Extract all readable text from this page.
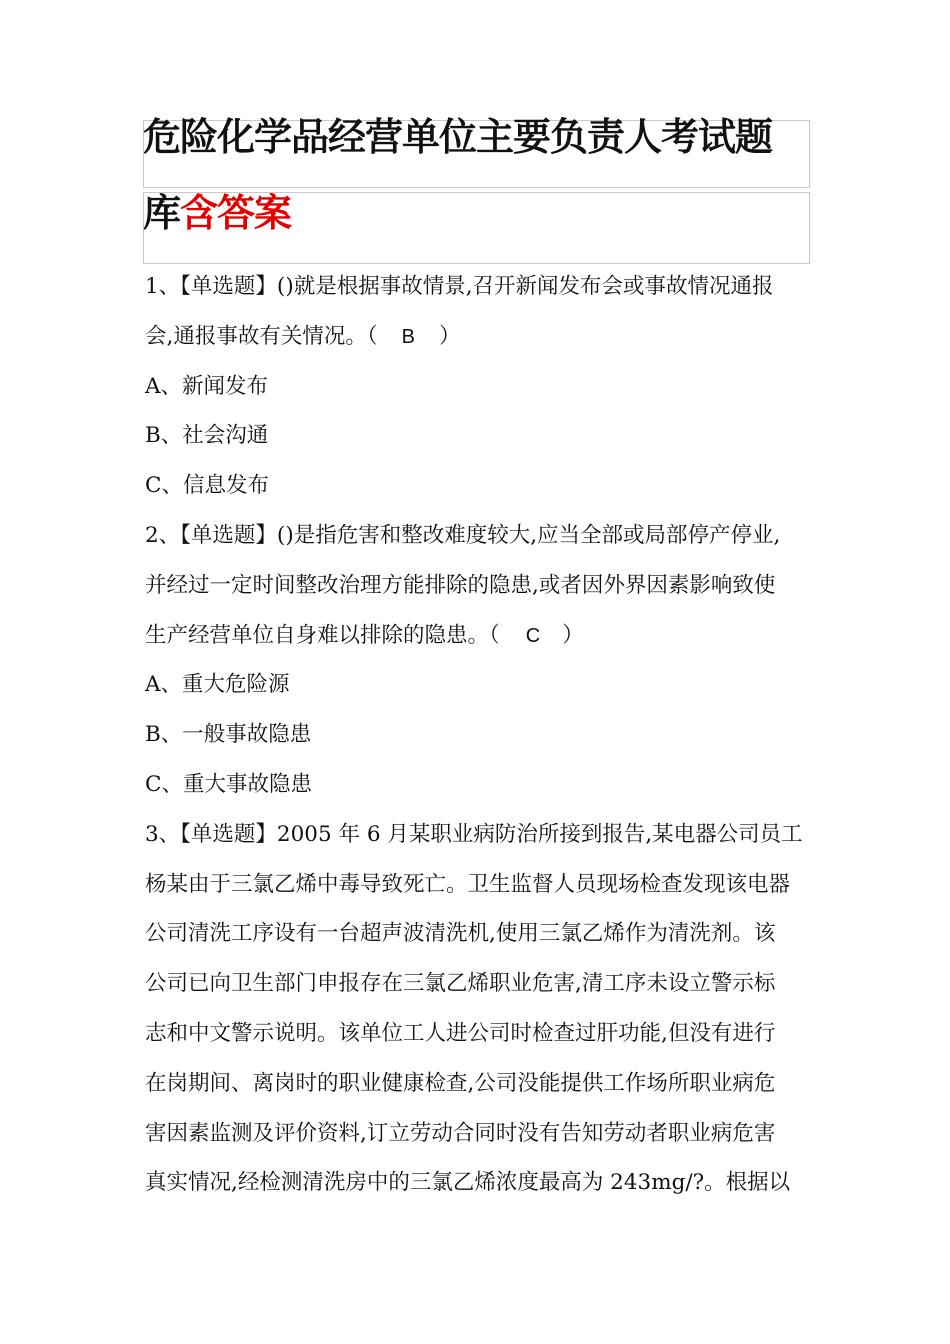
危险化学品经营单位主要负责人考试题
库含答案
1、【单选题】()就是根据事故情景,召开新闻发布会或事故情况通报
会,通报事故有关情况。（ B ）
A、新闻发布
B、社会沟通
C、信息发布
2、【单选题】()是指危害和整改难度较大,应当全部或局部停产停业,
并经过一定时间整改治理方能排除的隐患,或者因外界因素影响致使
生产经营单位自身难以排除的隐患。（ C ）
A、重大危险源
B、一般事故隐患
C、重大事故隐患
3、【单选题】2005 年 6 月某职业病防治所接到报告,某电器公司员工
杨某由于三氯乙烯中毒导致死亡。卫生监督人员现场检查发现该电器
公司清洗工序设有一台超声波清洗机,使用三氯乙烯作为清洗剂。该
公司已向卫生部门申报存在三氯乙烯职业危害,清工序未设立警示标
志和中文警示说明。该单位工人进公司时检查过肝功能,但没有进行
在岗期间、离岗时的职业健康检查,公司没能提供工作场所职业病危
害因素监测及评价资料,订立劳动合同时没有告知劳动者职业病危害
真实情况,经检测清洗房中的三氯乙烯浓度最高为 243mg/?。根据以
